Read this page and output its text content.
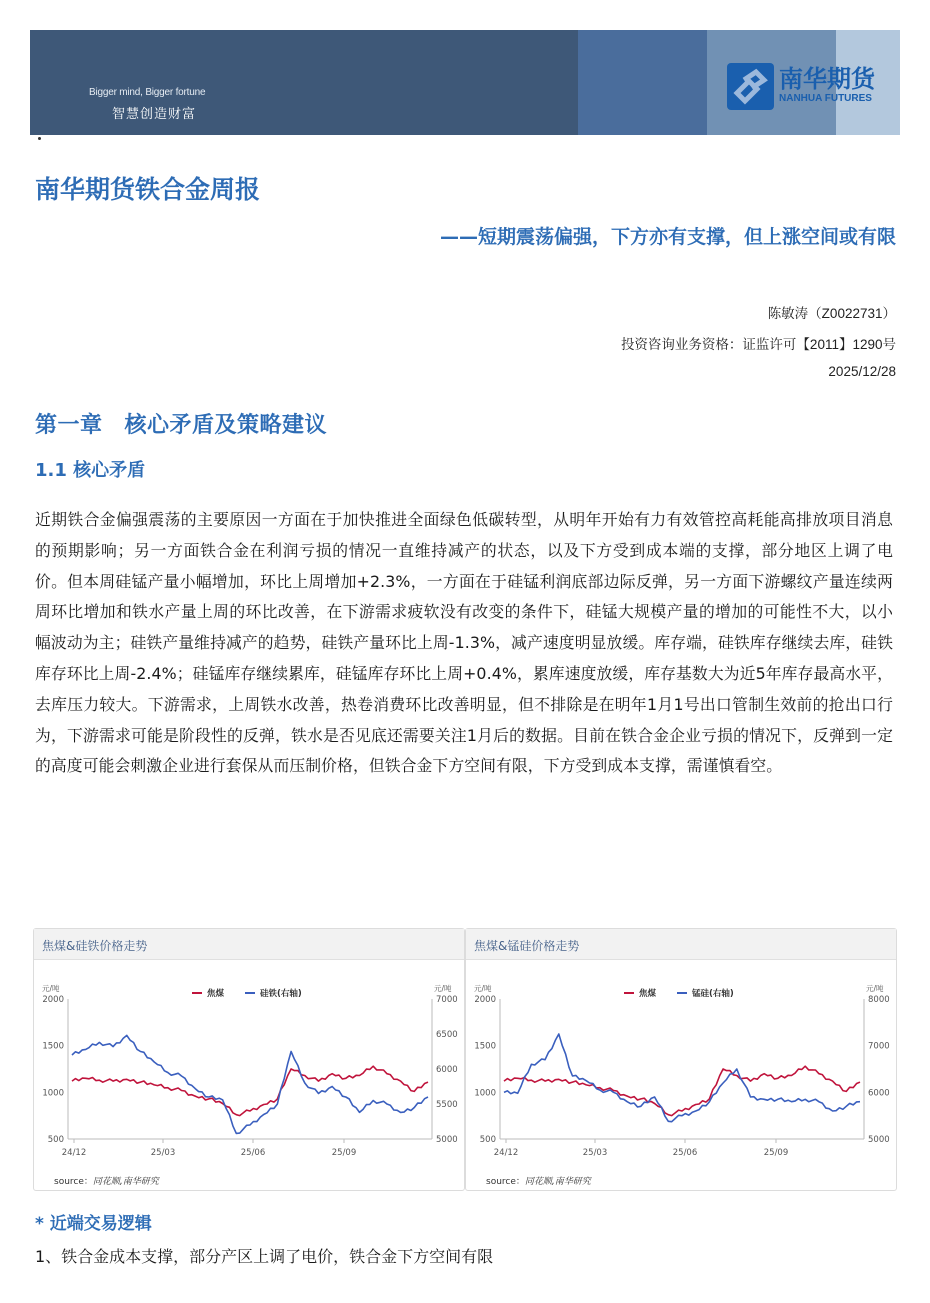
Bigger mind, Bigger fortune
智慧创造财富
南华期货
NANHUA FUTURES
南华期货铁合金周报
——短期震荡偏强，下方亦有支撑，但上涨空间或有限
陈敏涛（Z0022731）
投资咨询业务资格：证监许可【2011】1290号
2025/12/28
第一章 核心矛盾及策略建议
1.1 核心矛盾

近期铁合金偏强震荡的主要原因一方面在于加快推进全面绿色低碳转型，从明年开始有力有效管控高耗能高排放项目消息的预期影响；另一方面铁合金在利润亏损的情况一直维持减产的状态，以及下方受到成本端的支撑，部分地区上调了电价。但本周硅锰产量小幅增加，环比上周增加+2.3%，一方面在于硅锰利润底部边际反弹，另一方面下游螺纹产量连续两周环比增加和铁水产量上周的环比改善，在下游需求疲软没有改变的条件下，硅锰大规模产量的增加的可能性不大，以小幅波动为主；硅铁产量维持减产的趋势，硅铁产量环比上周-1.3%，减产速度明显放缓。库存端，硅铁库存继续去库，硅铁库存环比上周-2.4%；硅锰库存继续累库，硅锰库存环比上周+0.4%，累库速度放缓，库存基数大为近5年库存最高水平，去库压力较大。下游需求，上周铁水改善，热卷消费环比改善明显，但不排除是在明年1月1号出口管制生效前的抢出口行为，下游需求可能是阶段性的反弹，铁水是否见底还需要关注1月后的数据。目前在铁合金企业亏损的情况下，反弹到一定的高度可能会刺激企业进行套保从而压制价格，但铁合金下方空间有限，下方受到成本支撑，需谨慎看空。

焦煤&硅铁价格走势
元/吨	元/吨
500
1000
1500
2000
5000
5500
6000
6500
7000
24/12	25/03	25/06	25/09
焦煤	硅铁(右轴)
source：同花顺,南华研究
焦煤&锰硅价格走势
元/吨	元/吨
500
1000
1500
2000
5000
6000
7000
8000
24/12	25/03	25/06	25/09
焦煤	锰硅(右轴)
source：同花顺,南华研究
* 近端交易逻辑
1、铁合金成本支撑，部分产区上调了电价，铁合金下方空间有限
